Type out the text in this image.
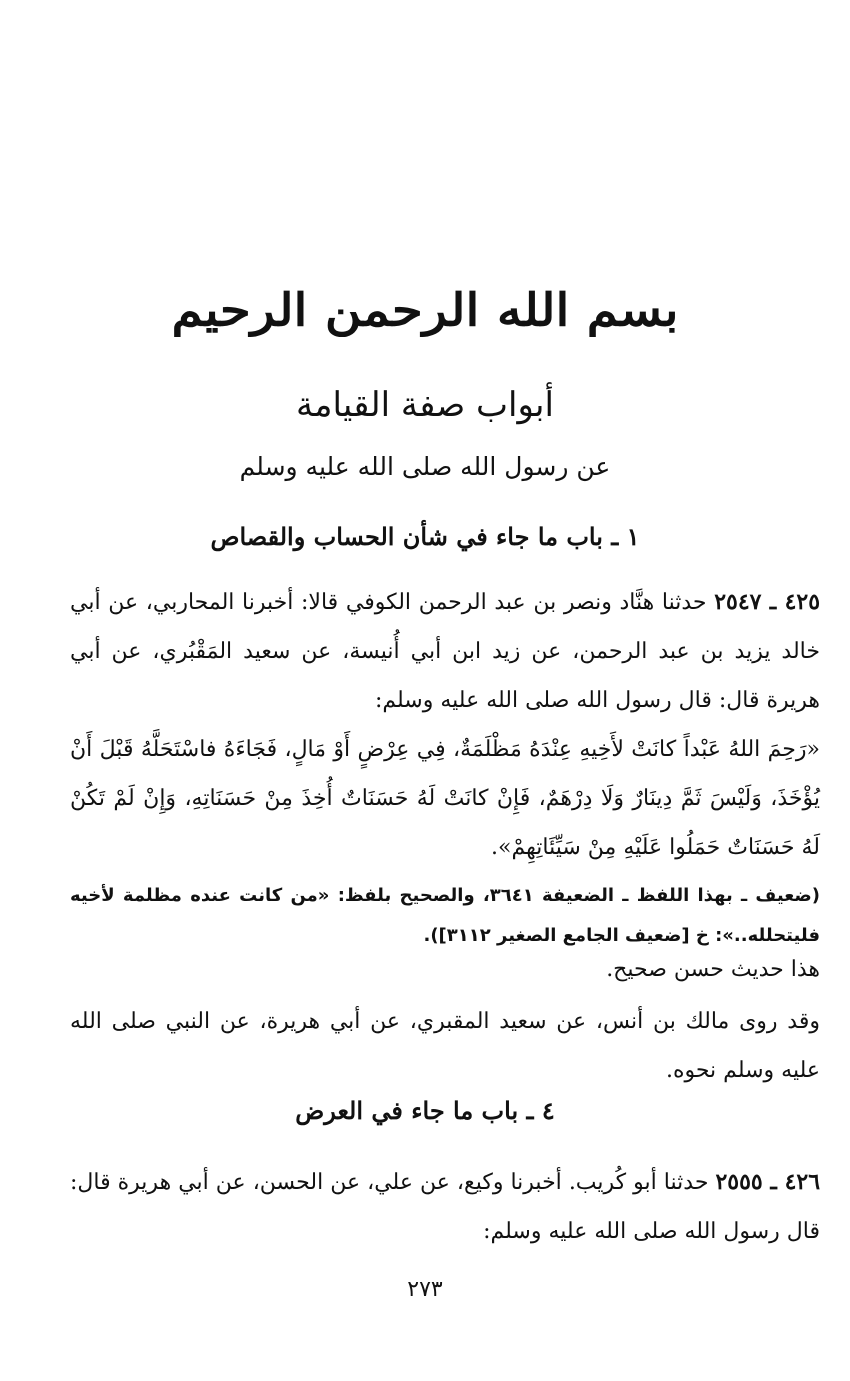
بسم الله الرحمن الرحيم
أبواب صفة القيامة
عن رسول الله صلى الله عليه وسلم
١ ـ باب ما جاء في شأن الحساب والقصاص

٤٢٥ ـ ٢٥٤٧ حدثنا هنَّاد ونصر بن عبد الرحمن الكوفي قالا: أخبرنا المحاربي، عن أبي خالد يزيد بن عبد الرحمن، عن زيد ابن أبي أُنيسة، عن سعيد المَقْبُري، عن أبي هريرة قال: قال رسول الله صلى الله عليه وسلم:

«رَحِمَ اللهُ عَبْداً كانَتْ لأَخِيهِ عِنْدَهُ مَظْلَمَةٌ، فِي عِرْضٍ أَوْ مَالٍ، فَجَاءَهُ فاسْتَحَلَّهُ قَبْلَ أَنْ يُؤْخَذَ، وَلَيْسَ ثَمَّ دِينَارٌ وَلَا دِرْهَمٌ، فَإِنْ كانَتْ لَهُ حَسَنَاتٌ أُخِذَ مِنْ حَسَنَاتِهِ، وَإِنْ لَمْ تَكُنْ لَهُ حَسَنَاتٌ حَمَلُوا عَلَيْهِ مِنْ سَيِّئَاتِهِمْ».

(ضعيف ـ بهذا اللفظ ـ الضعيفة ٣٦٤١، والصحيح بلفظ: «من كانت عنده مظلمة لأخيه فليتحلله..»: خ [ضعيف الجامع الصغير ٣١١٢]).

هذا حديث حسن صحيح.

وقد روى مالك بن أنس، عن سعيد المقبري، عن أبي هريرة، عن النبي صلى الله عليه وسلم نحوه.

٤ ـ باب ما جاء في العرض

٤٢٦ ـ ٢٥٥٥ حدثنا أبو كُريب. أخبرنا وكيع، عن علي، عن الحسن، عن أبي هريرة قال: قال رسول الله صلى الله عليه وسلم:

٢٧٣
